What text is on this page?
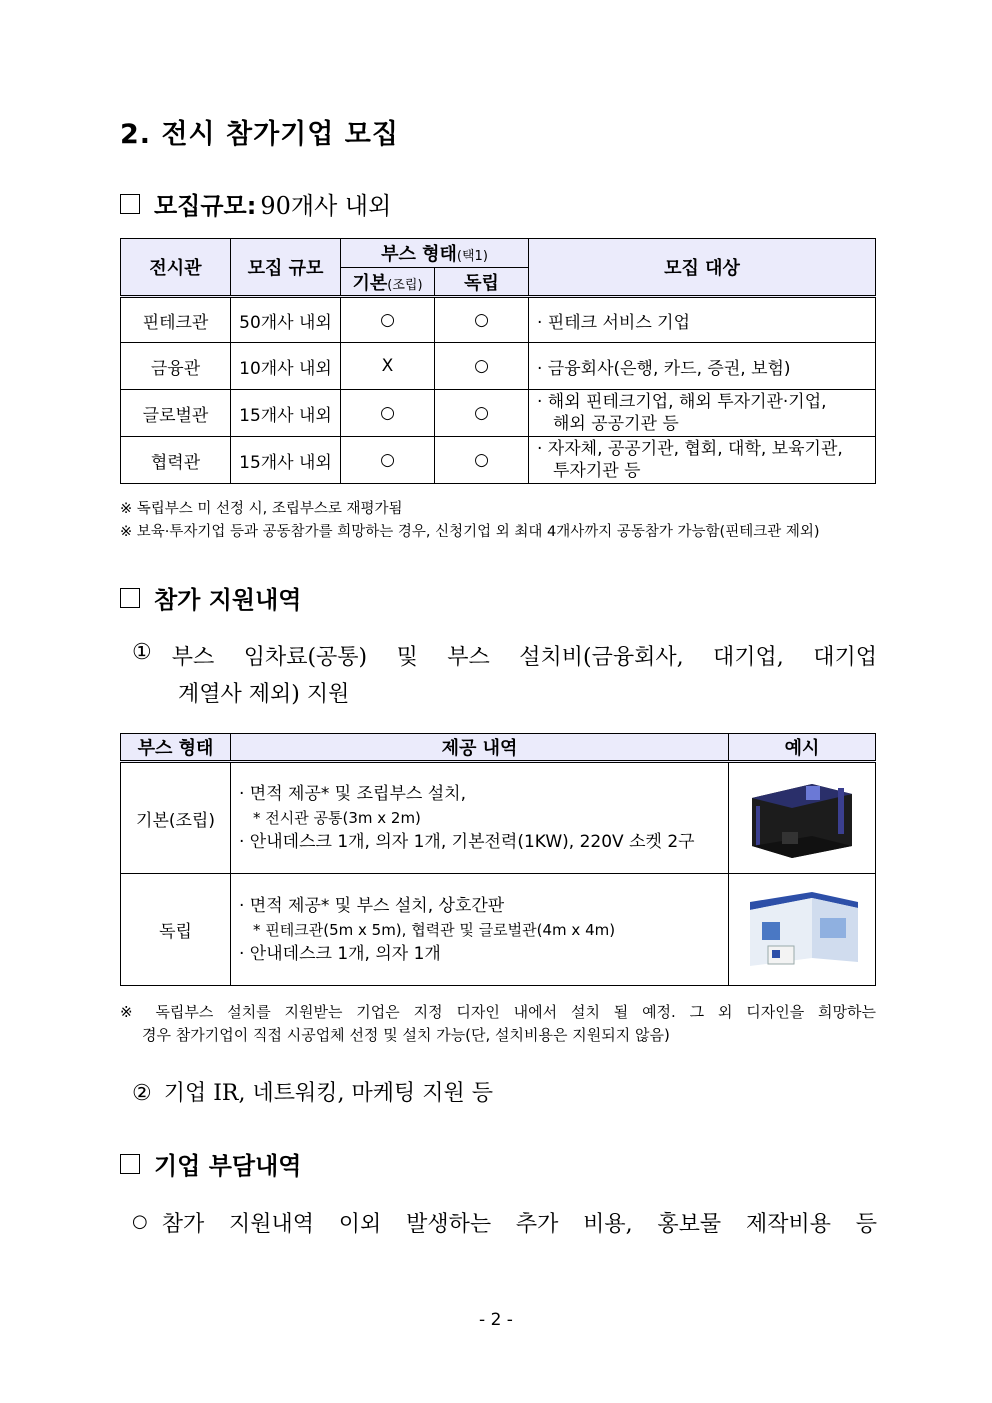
2. 전시 참가기업 모집
모집규모: 90개사 내외
전시관	모집 규모	부스 형태(택1)		모집 대상
		기본(조립)	독립	
핀테크관	50개사 내외	○	○	· 핀테크 서비스 기업

금융관	10개사 내외	X	○	· 금융회사(은행, 카드, 증권, 보험)

글로벌관	15개사 내외	○	○	· 해외 핀테크기업, 해외 투자기관·기업,
해외 공공기관 등

협력관	15개사 내외	○	○	· 자자체, 공공기관, 협회, 대학, 보육기관,
투자기관 등
※ 독립부스 미 선정 시, 조립부스로 재평가됨
※ 보육·투자기업 등과 공동참가를 희망하는 경우, 신청기업 외 최대 4개사까지 공동참가 가능함(핀테크관 제외)
참가 지원내역
① 부스 임차료(공통) 및 부스 설치비(금융회사, 대기업, 대기업
계열사 제외) 지원
부스 형태	제공 내역	예시
기본(조립)	· 면적 제공* 및 조립부스 설치,
* 전시관 공통(3m x 2m)
· 안내데스크 1개, 의자 1개, 기본전력(1KW), 220V 소켓 2구

독립	· 면적 제공* 및 부스 설치, 상호간판
* 핀테크관(5m x 5m), 협력관 및 글로벌관(4m x 4m)
· 안내데스크 1개, 의자 1개

※ 독립부스 설치를 지원받는 기업은 지정 디자인 내에서 설치 될 예정. 그 외 디자인을 희망하는
경우 참가기업이 직접 시공업체 선정 및 설치 가능(단, 설치비용은 지원되지 않음)
② 기업 IR, 네트워킹, 마케팅 지원 등
기업 부담내역
○ 참가 지원내역 이외 발생하는 추가 비용, 홍보물 제작비용 등
- 2 -
